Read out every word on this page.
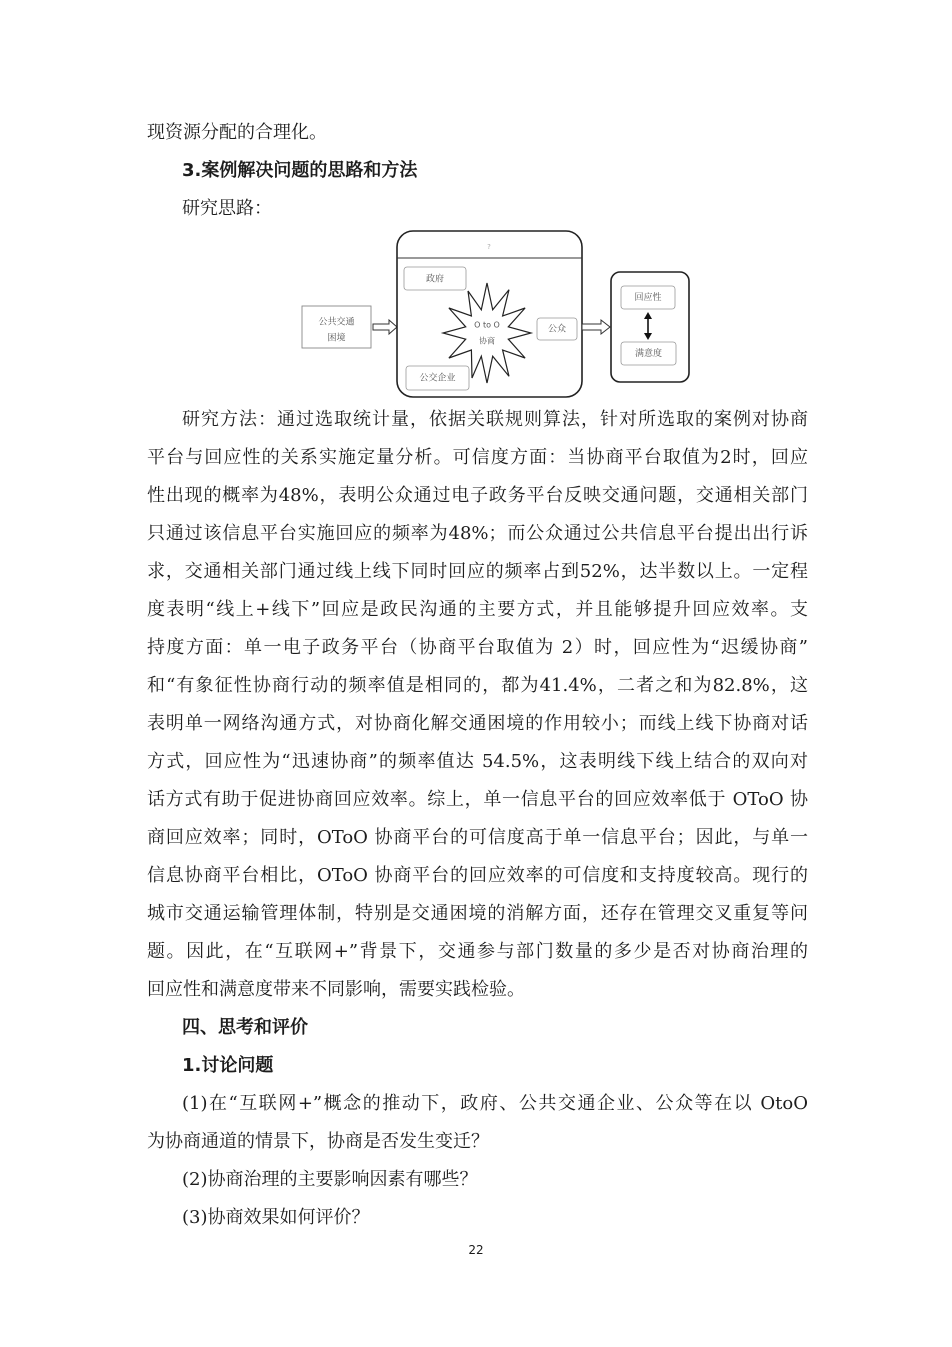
现资源分配的合理化。
3.案例解决问题的思路和方法
研究思路：
公共交通
困境
?
O to O
协商
政府
公众
公交企业
回应性
满意度
研究方法：通过选取统计量，依据关联规则算法，针对所选取的案例对协商
平台与回应性的关系实施定量分析。可信度方面：当协商平台取值为2时，回应
性出现的概率为48%，表明公众通过电子政务平台反映交通问题，交通相关部门
只通过该信息平台实施回应的频率为48%；而公众通过公共信息平台提出出行诉
求，交通相关部门通过线上线下同时回应的频率占到52%，达半数以上。一定程
度表明“线上+线下”回应是政民沟通的主要方式，并且能够提升回应效率。支
持度方面：单一电子政务平台（协商平台取值为 2）时，回应性为“迟缓协商”
和“有象征性协商行动的频率值是相同的，都为41.4%，二者之和为82.8%，这
表明单一网络沟通方式，对协商化解交通困境的作用较小；而线上线下协商对话
方式，回应性为“迅速协商”的频率值达 54.5%，这表明线下线上结合的双向对
话方式有助于促进协商回应效率。综上，单一信息平台的回应效率低于 OToO 协
商回应效率；同时，OToO 协商平台的可信度高于单一信息平台；因此，与单一
信息协商平台相比，OToO 协商平台的回应效率的可信度和支持度较高。现行的
城市交通运输管理体制，特别是交通困境的消解方面，还存在管理交叉重复等问
题。因此，在“互联网+”背景下，交通参与部门数量的多少是否对协商治理的
回应性和满意度带来不同影响，需要实践检验。
四、思考和评价
1.讨论问题
(1)在“互联网+”概念的推动下，政府、公共交通企业、公众等在以 OtoO
为协商通道的情景下，协商是否发生变迁？
(2)协商治理的主要影响因素有哪些？
(3)协商效果如何评价？
22
